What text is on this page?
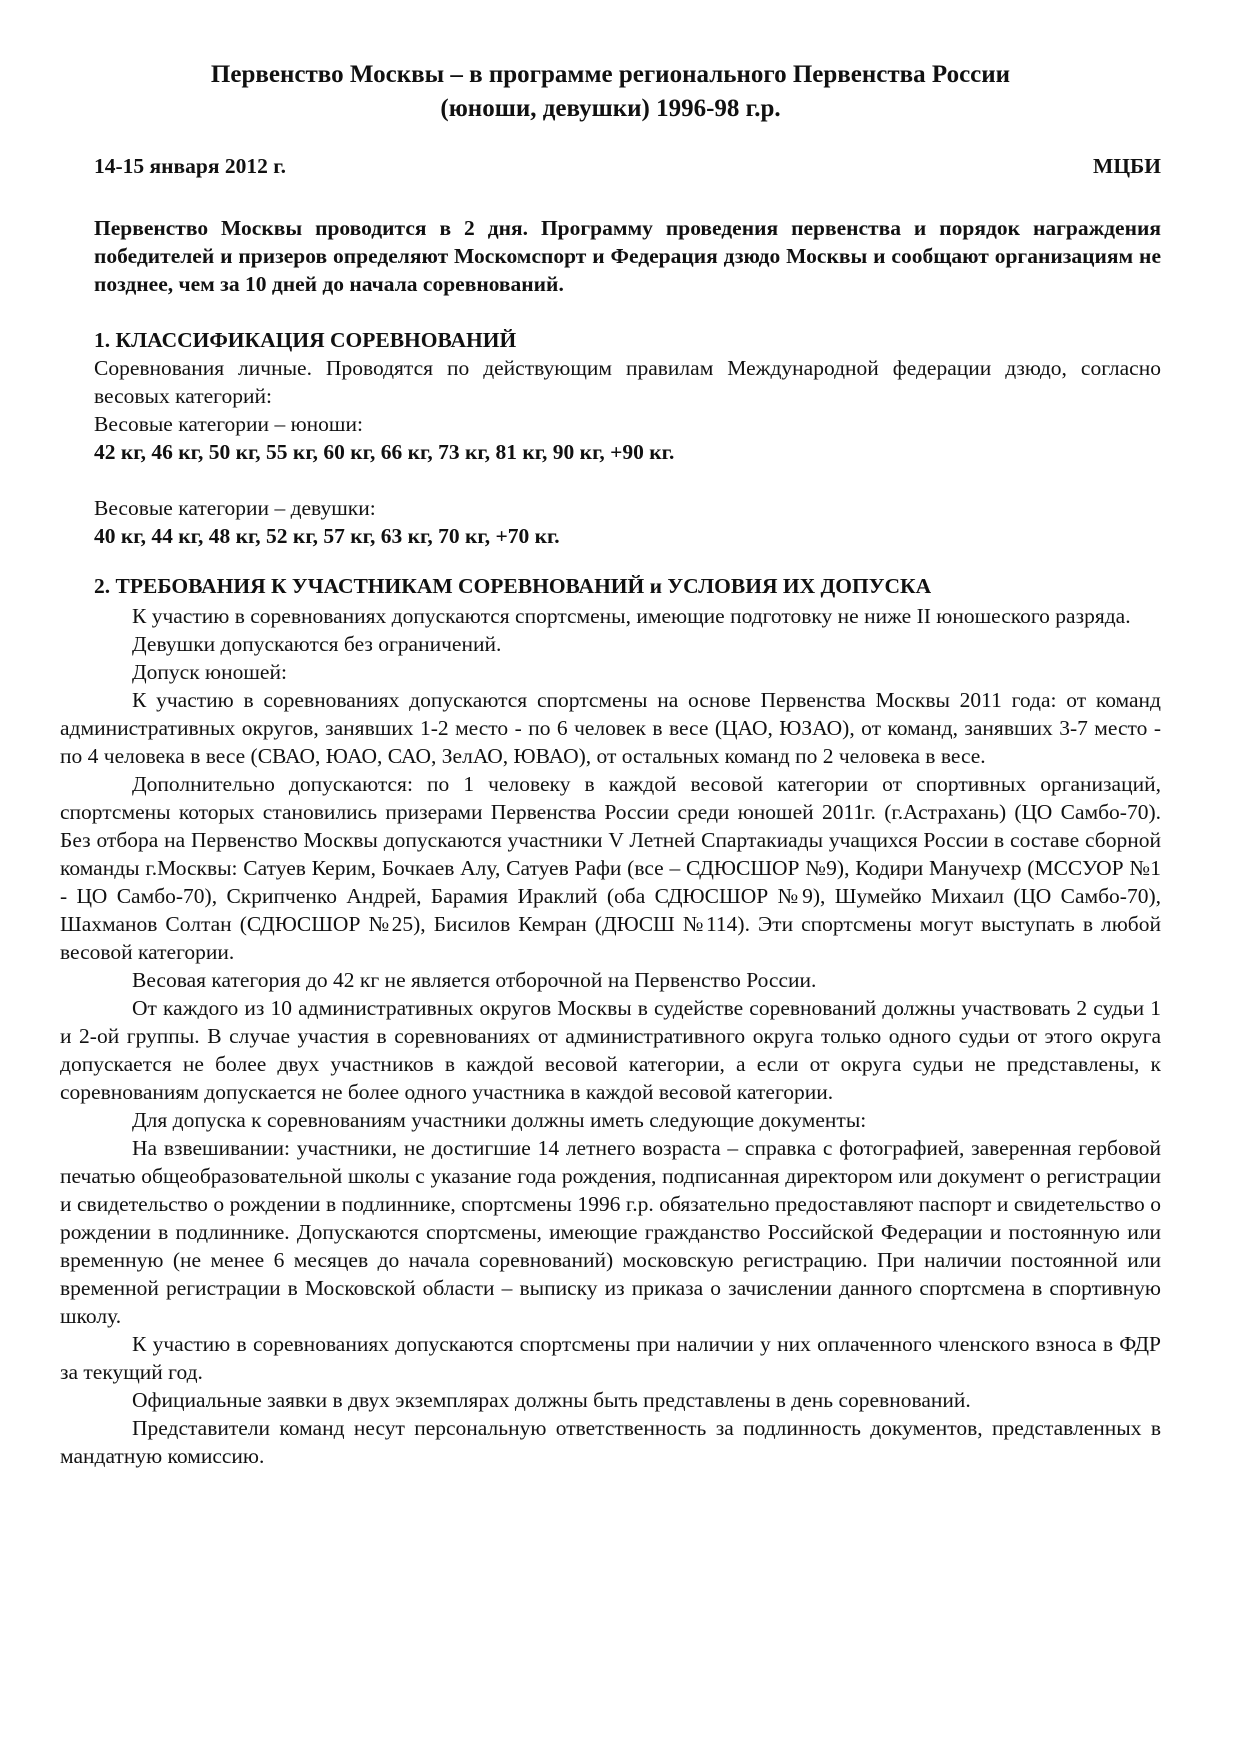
Первенство Москвы – в программе регионального Первенства России
(юноши, девушки) 1996-98 г.р.
14-15 января 2012 г.	МЦБИ

Первенство Москвы проводится в 2 дня. Программу проведения первенства и порядок награждения победителей и призеров определяют Москомспорт и Федерация дзюдо Москвы и сообщают организациям не позднее, чем за 10 дней до начала соревнований.

1. КЛАССИФИКАЦИЯ СОРЕВНОВАНИЙ

Соревнования личные. Проводятся по действующим правилам Международной федерации дзюдо, согласно весовых категорий:

Весовые категории – юноши:

42 кг, 46 кг, 50 кг, 55 кг, 60 кг, 66 кг, 73 кг, 81 кг, 90 кг, +90 кг.

Весовые категории – девушки:

40 кг, 44 кг, 48 кг, 52 кг, 57 кг, 63 кг, 70 кг, +70 кг.

2. ТРЕБОВАНИЯ К УЧАСТНИКАМ СОРЕВНОВАНИЙ и УСЛОВИЯ ИХ ДОПУСКА

К участию в соревнованиях допускаются спортсмены, имеющие подготовку не ниже II юношеского разряда.

Девушки допускаются без ограничений.

Допуск юношей:

К участию в соревнованиях допускаются спортсмены на основе Первенства Москвы 2011 года: от команд административных округов, занявших 1-2 место - по 6 человек в весе (ЦАО, ЮЗАО), от команд, занявших 3-7 место - по 4 человека в весе (СВАО, ЮАО, САО, ЗелАО, ЮВАО), от остальных команд по 2 человека в весе.

Дополнительно допускаются: по 1 человеку в каждой весовой категории от спортивных организаций, спортсмены которых становились призерами Первенства России среди юношей 2011г. (г.Астрахань) (ЦО Самбо-70). Без отбора на Первенство Москвы допускаются участники V Летней Спартакиады учащихся России в составе сборной команды г.Москвы: Сатуев Керим, Бочкаев Алу, Сатуев Рафи (все – СДЮСШОР №9), Кодири Манучехр (МССУОР №1 - ЦО Самбо-70), Скрипченко Андрей, Барамия Ираклий (оба СДЮСШОР №9), Шумейко Михаил (ЦО Самбо-70), Шахманов Солтан (СДЮСШОР №25), Бисилов Кемран (ДЮСШ №114). Эти спортсмены могут выступать в любой весовой категории.

Весовая категория до 42 кг не является отборочной на Первенство России.

От каждого из 10 административных округов Москвы в судействе соревнований должны участвовать 2 судьи 1 и 2-ой группы. В случае участия в соревнованиях от административного округа только одного судьи от этого округа допускается не более двух участников в каждой весовой категории, а если от округа судьи не представлены, к соревнованиям допускается не более одного участника в каждой весовой категории.

Для допуска к соревнованиям участники должны иметь следующие документы:

На взвешивании: участники, не достигшие 14 летнего возраста – справка с фотографией, заверенная гербовой печатью общеобразовательной школы с указание года рождения, подписанная директором или документ о регистрации и свидетельство о рождении в подлиннике, спортсмены 1996 г.р. обязательно предоставляют паспорт и свидетельство о рождении в подлиннике. Допускаются спортсмены, имеющие гражданство Российской Федерации и постоянную или временную (не менее 6 месяцев до начала соревнований) московскую регистрацию. При наличии постоянной или временной регистрации в Московской области – выписку из приказа о зачислении данного спортсмена в спортивную школу.

К участию в соревнованиях допускаются спортсмены при наличии у них оплаченного членского взноса в ФДР за текущий год.

Официальные заявки в двух экземплярах должны быть представлены в день соревнований.

Представители команд несут персональную ответственность за подлинность документов, представленных в мандатную комиссию.
